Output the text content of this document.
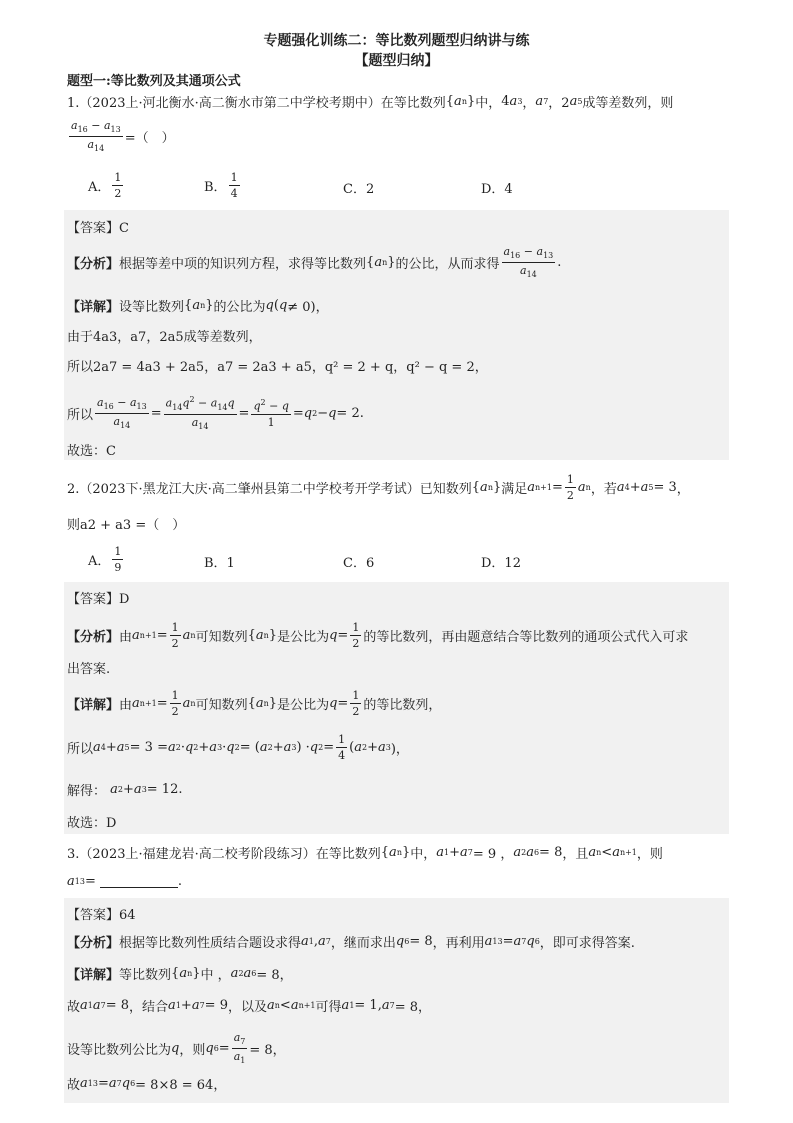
专题强化训练二：等比数列题型归纳讲与练
【题型归纳】
题型一:等比数列及其通项公式
1.（2023上·河北衡水·高二衡水市第二中学校考期中）在等比数列 { a n } 中， 4 a 3 ， a 7 ，2 a 5 成等差数列，则
$\frac{a_{16} - a_{13}}{a_{14}}$ =（　）
A． $\frac{1}{2}$	B． $\frac{1}{4}$	C．2	D．4
【答案】C
【分析】 根据等差中项的知识列方程，求得等比数列 { a n } 的公比，从而求得 $\frac{a_{16} - a_{13}}{a_{14}}$ .
【详解】 设等比数列 { a n } 的公比为 q ( q ≠ 0)，
由于4a3，a7，2a5成等差数列，
所以2a7 = 4a3 + 2a5，a7 = 2a3 + a5，q² = 2 + q，q² − q = 2，
所以 $\frac{a_{16} - a_{13}}{a_{14}} = \frac{a_{14}q^2 - a_{14}q}{a_{14}} = \frac{q^2 - q}{1} = q$ 2 − q = 2.
故选：C
2.（2023下·黑龙江大庆·高二肇州县第二中学校考开学考试）已知数列 { a n } 满足 a $n+1 = \frac{1}{2}$ a n ，若 a 4 + a 5 = 3 ，
则a2 + a3 =（　）
A． $\frac{1}{9}$	B．1	C．6	D．12
【答案】D
【分析】 由 a $n+1 = \frac{1}{2}$ a n 可知数列 { a n } 是公比为 $q = \frac{1}{2}$ 的等比数列，再由题意结合等比数列的通项公式代入可求
出答案.
【详解】 由 a $n+1 = \frac{1}{2}$ a n 可知数列 { a n } 是公比为 $q = \frac{1}{2}$ 的等比数列，
所以 a 4 + a 5 = 3 = a 2 · q 2 + a 3 · q 2 = ( a 2 + a 3 ) · q $2 = \frac{1}{4}$ ( a 2 + a 3 )，
解得：
a 2 + a 3 = 12.
故选：D
3.（2023上·福建龙岩·高二校考阶段练习）在等比数列 { a n } 中， a 1 + a 7 = 9 ， a 2 a 6 = 8 ，且 a n < a n+1 ，则
a 13 =	.
【答案】64
【分析】 根据等比数列性质结合题设求得 a 1 , a 7 ，继而求出 q 6 = 8 ，再利用 a 13 = a 7 q 6 ，即可求得答案.
【详解】 等比数列 { a n } 中 ， a 2 a 6 = 8，
故 a 1 a 7 = 8 ，结合 a 1 + a 7 = 9 ，以及 a n < a n+1 可得 a 1 = 1, a 7 = 8，
设等比数列公比为 q ，则 q $6 = \frac{a_7}{a_1} = 8$，
故 a 13 = a 7 q 6 = 8×8 = 64，
